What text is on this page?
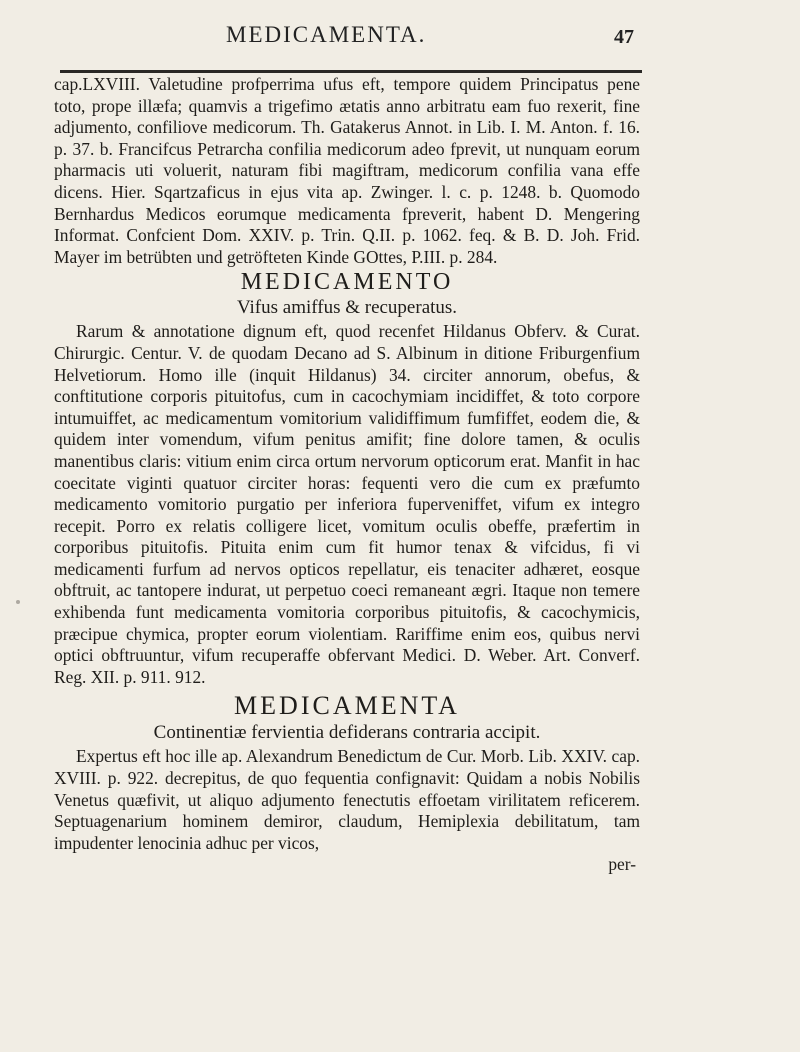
MEDICAMENTA.	47

cap.LXVIII. Valetudine profperrima ufus eft, tempore quidem Principatus pene toto, prope illæfa; quamvis a trigefimo ætatis anno arbitratu eam fuo rexerit, fine adjumento, confiliove medicorum. Th. Gatakerus Annot. in Lib. I. M. Anton. f. 16. p. 37. b. Francifcus Petrarcha confilia medicorum adeo fprevit, ut nunquam eorum pharmacis uti voluerit, naturam fibi magiftram, medicorum confilia vana effe dicens. Hier. Sqartzaficus in ejus vita ap. Zwinger. l. c. p. 1248. b. Quomodo Bernhardus Medicos eorumque medicamenta fpreverit, habent D. Mengering Informat. Confcient Dom. XXIV. p. Trin. Q.II. p. 1062. feq. & B. D. Joh. Frid. Mayer im betrübten und getröfteten Kinde GOttes, P.III. p. 284.

MEDICAMENTO
Vifus amiffus & recuperatus.

Rarum & annotatione dignum eft, quod recenfet Hildanus Obferv. & Curat. Chirurgic. Centur. V. de quodam Decano ad S. Albinum in ditione Friburgenfium Helvetiorum. Homo ille (inquit Hildanus) 34. circiter annorum, obefus, & conftitutione corporis pituitofus, cum in cacochymiam incidiffet, & toto corpore intumuiffet, ac medicamentum vomitorium validiffimum fumfiffet, eodem die, & quidem inter vomendum, vifum penitus amifit; fine dolore tamen, & oculis manentibus claris: vitium enim circa ortum nervorum opticorum erat. Manfit in hac coecitate viginti quatuor circiter horas: fequenti vero die cum ex præfumto medicamento vomitorio purgatio per inferiora fuperveniffet, vifum ex integro recepit. Porro ex relatis colligere licet, vomitum oculis obeffe, præfertim in corporibus pituitofis. Pituita enim cum fit humor tenax & vifcidus, fi vi medicamenti furfum ad nervos opticos repellatur, eis tenaciter adhæret, eosque obftruit, ac tantopere indurat, ut perpetuo coeci remaneant ægri. Itaque non temere exhibenda funt medicamenta vomitoria corporibus pituitofis, & cacochymicis, præcipue chymica, propter eorum violentiam. Rariffime enim eos, quibus nervi optici obftruuntur, vifum recuperaffe obfervant Medici. D. Weber. Art. Converf. Reg. XII. p. 911. 912.

MEDICAMENTA
Continentiæ fervientia defiderans contraria accipit.

Expertus eft hoc ille ap. Alexandrum Benedictum de Cur. Morb. Lib. XXIV. cap. XVIII. p. 922. decrepitus, de quo fequentia confignavit: Quidam a nobis Nobilis Venetus quæfivit, ut aliquo adjumento fenectutis effoetam virilitatem reficerem. Septuagenarium hominem demiror, claudum, Hemiplexia debilitatum, tam impudenter lenocinia adhuc per vicos,

per-
